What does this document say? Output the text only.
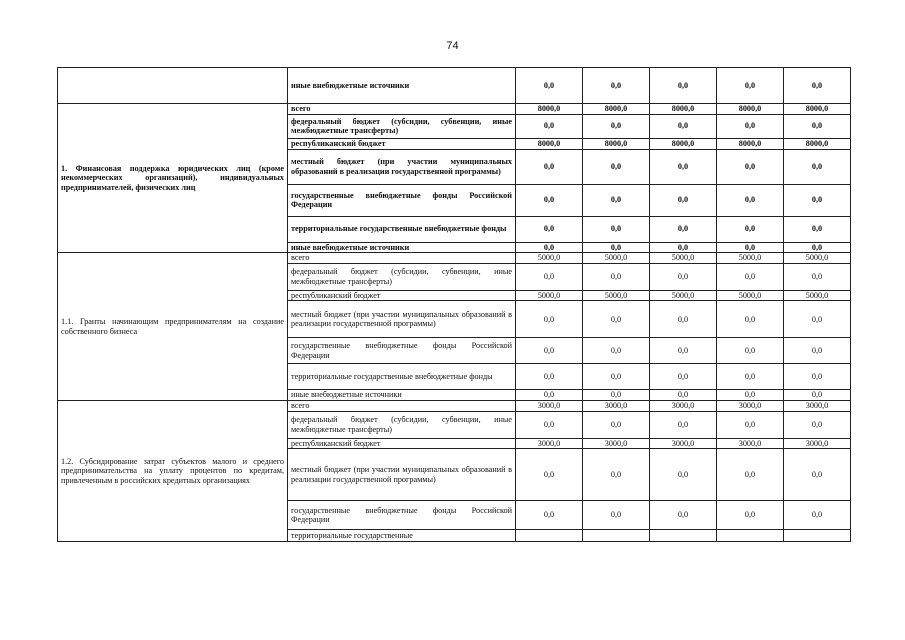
74
	иные внебюджетные источники	0,0	0,0	0,0	0,0	0,0
1. Финансовая поддержка юридических лиц (кроме некоммерческих организаций), индивидуальных предпринимателей, физических лиц	всего	8000,0	8000,0	8000,0	8000,0	8000,0
	федеральный бюджет (субсидии, субвенции, иные межбюджетные трансферты)	0,0	0,0	0,0	0,0	0,0
	республиканский бюджет	8000,0	8000,0	8000,0	8000,0	8000,0
	местный бюджет (при участии муниципальных образований в реализации государственной программы)	0,0	0,0	0,0	0,0	0,0
	государственные внебюджетные фонды Российской Федерации	0,0	0,0	0,0	0,0	0,0
	территориальные государственные внебюджетные фонды	0,0	0,0	0,0	0,0	0,0
	иные внебюджетные источники	0,0	0,0	0,0	0,0	0,0
1.1. Гранты начинающим предпринимателям на создание собственного бизнеса	всего	5000,0	5000,0	5000,0	5000,0	5000,0
	федеральный бюджет (субсидии, субвенции, иные межбюджетные трансферты)	0,0	0,0	0,0	0,0	0,0
	республиканский бюджет	5000,0	5000,0	5000,0	5000,0	5000,0
	местный бюджет (при участии муниципальных образований в реализации государственной программы)	0,0	0,0	0,0	0,0	0,0
	государственные внебюджетные фонды Российской Федерации	0,0	0,0	0,0	0,0	0,0
	территориальные государственные внебюджетные фонды	0,0	0,0	0,0	0,0	0,0
	иные внебюджетные источники	0,0	0,0	0,0	0,0	0,0
1.2. Субсидирование затрат субъектов малого и среднего предпринимательства на уплату процентов по кредитам, привлеченным в российских кредитных организациях	всего	3000,0	3000,0	3000,0	3000,0	3000,0
	федеральный бюджет (субсидии, субвенции, иные межбюджетные трансферты)	0,0	0,0	0,0	0,0	0,0
	республиканский бюджет	3000,0	3000,0	3000,0	3000,0	3000,0
	местный бюджет (при участии муниципальных образований в реализации государственной программы)	0,0	0,0	0,0	0,0	0,0
	государственные внебюджетные фонды Российской Федерации	0,0	0,0	0,0	0,0	0,0
	территориальные государственные					
